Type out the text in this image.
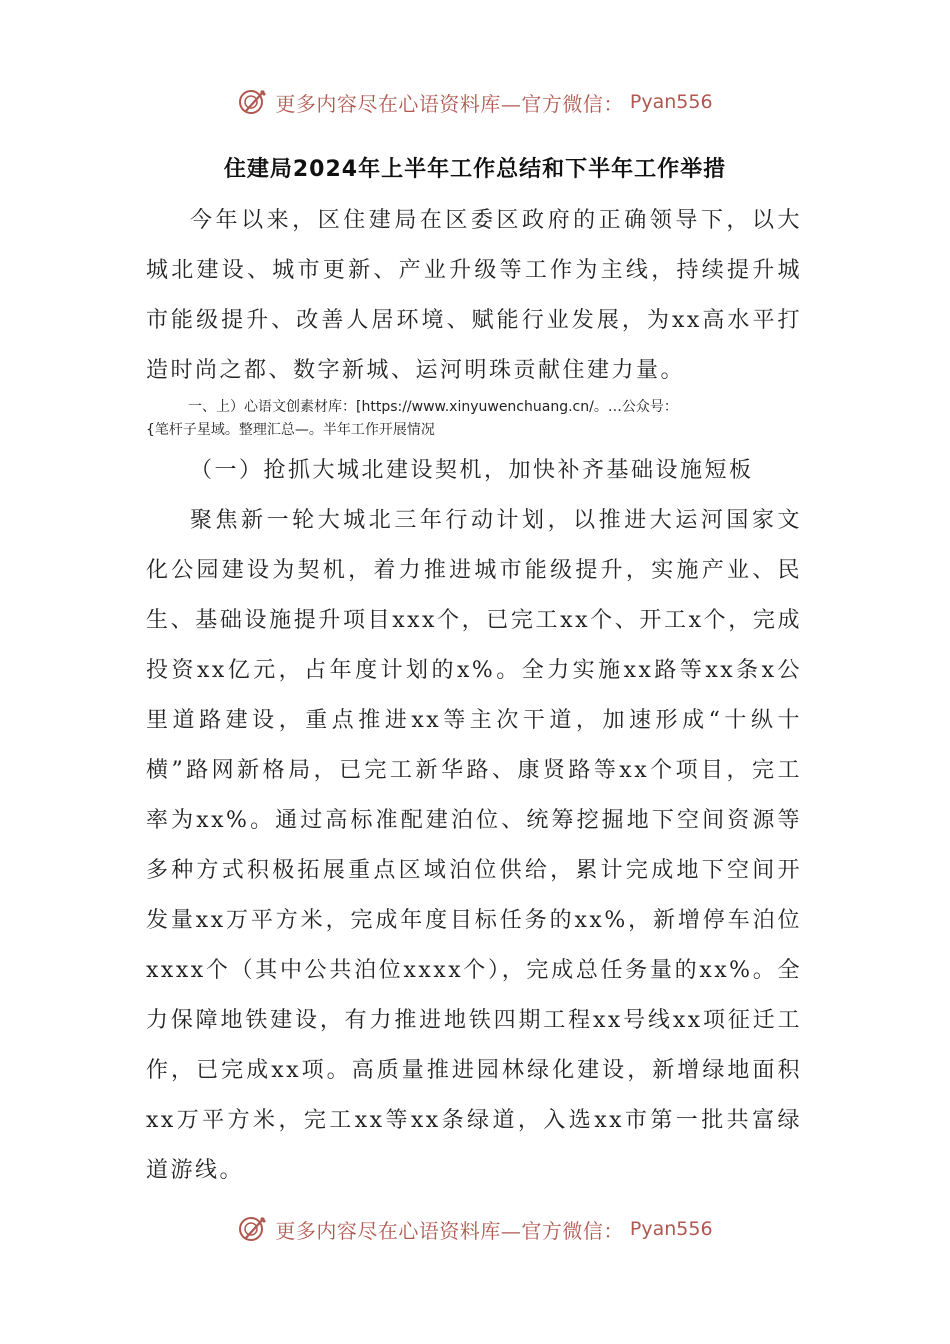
更多内容尽在心语资料库—官方微信： Pyan556
住建局2024年上半年工作总结和下半年工作举措

今年以来，区住建局在区委区政府的正确领导下，以大城北建设、城市更新、产业升级等工作为主线，持续提升城市能级提升、改善人居环境、赋能行业发展，为xx高水平打造时尚之都、数字新城、运河明珠贡献住建力量。

一、上）心语文创素材库：[https://www.xinyuwenchuang.cn/。…公众号：
{笔杆子星域。整理汇总—。半年工作开展情况

（一）抢抓大城北建设契机，加快补齐基础设施短板

聚焦新一轮大城北三年行动计划，以推进大运河国家文化公园建设为契机，着力推进城市能级提升，实施产业、民生、基础设施提升项目xxx个，已完工xx个、开工x个，完成投资xx亿元，占年度计划的x%。全力实施xx路等xx条x公里道路建设，重点推进xx等主次干道，加速形成“十纵十横”路网新格局，已完工新华路、康贤路等xx个项目，完工率为xx%。通过高标准配建泊位、统筹挖掘地下空间资源等多种方式积极拓展重点区域泊位供给，累计完成地下空间开发量xx万平方米，完成年度目标任务的xx%，新增停车泊位xxxx个（其中公共泊位xxxx个），完成总任务量的xx%。全力保障地铁建设，有力推进地铁四期工程xx号线xx项征迁工作，已完成xx项。高质量推进园林绿化建设，新增绿地面积xx万平方米，完工xx等xx条绿道，入选xx市第一批共富绿道游线。

更多内容尽在心语资料库—官方微信： Pyan556
